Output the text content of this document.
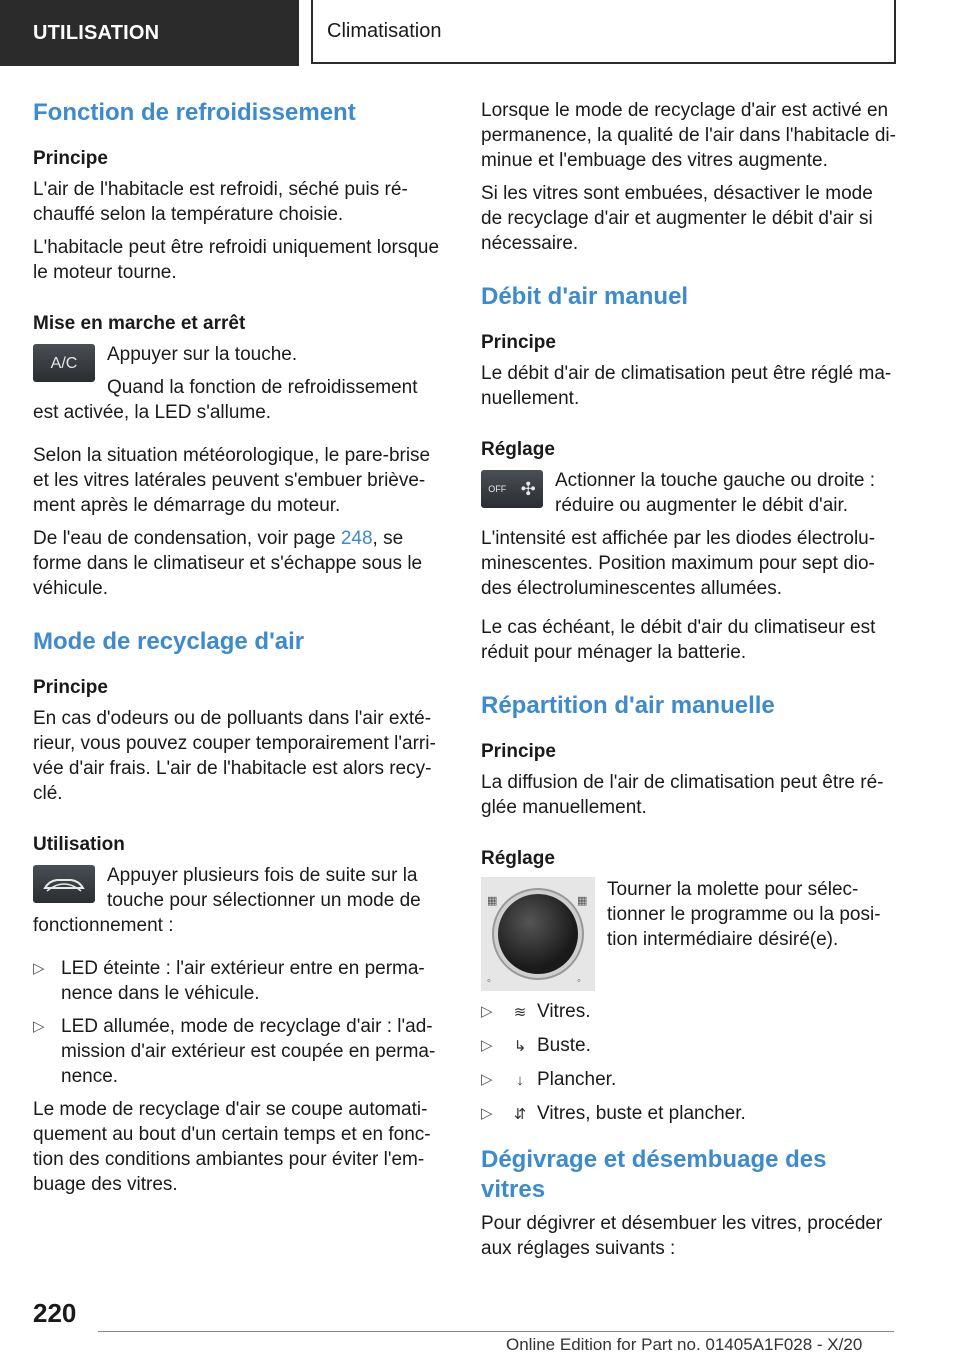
UTILISATION	Climatisation
Fonction de refroidissement
Principe

L'air de l'habitacle est refroidi, séché puis ré-chauffé selon la température choisie.

L'habitacle peut être refroidi uniquement lorsque le moteur tourne.

Mise en marche et arrêt
A/C	Appuyer sur la touche.

Quand la fonction de refroidissement est activée, la LED s'allume.

Selon la situation météorologique, le pare-brise et les vitres latérales peuvent s'embuer briève-ment après le démarrage du moteur.

De l'eau de condensation, voir page 248, se forme dans le climatiseur et s'échappe sous le véhicule.

Mode de recyclage d'air
Principe

En cas d'odeurs ou de polluants dans l'air exté-rieur, vous pouvez couper temporairement l'arri-vée d'air frais. L'air de l'habitacle est alors recy-clé.

Utilisation

Appuyer plusieurs fois de suite sur la touche pour sélectionner un mode de fonctionnement :

▷ LED éteinte : l'air extérieur entre en perma-nence dans le véhicule.
▷ LED allumée, mode de recyclage d'air : l'ad-mission d'air extérieur est coupée en perma-nence.

Le mode de recyclage d'air se coupe automati-quement au bout d'un certain temps et en fonc-tion des conditions ambiantes pour éviter l'em-buage des vitres.

Lorsque le mode de recyclage d'air est activé en permanence, la qualité de l'air dans l'habitacle di-minue et l'embuage des vitres augmente.

Si les vitres sont embuées, désactiver le mode de recyclage d'air et augmenter le débit d'air si nécessaire.

Débit d'air manuel
Principe

Le débit d'air de climatisation peut être réglé ma-nuellement.

Réglage
OFF ✣	Actionner la touche gauche ou droite : réduire ou augmenter le débit d'air.

L'intensité est affichée par les diodes électrolu-minescentes. Position maximum pour sept dio-des électroluminescentes allumées.

Le cas échéant, le débit d'air du climatiseur est réduit pour ménager la batterie.

Répartition d'air manuelle
Principe

La diffusion de l'air de climatisation peut être ré-glée manuellement.

Réglage
▦	▦
◦	◦

Tourner la molette pour sélec-tionner le programme ou la posi-tion intermédiaire désiré(e).

▷ ≋ Vitres.
▷ ↳ Buste.
▷ ↓ Plancher.
▷ ⇵ Vitres, buste et plancher.
Dégivrage et désembuage des vitres

Pour dégivrer et désembuer les vitres, procéder aux réglages suivants :

220
Online Edition for Part no. 01405A1F028 - X/20
